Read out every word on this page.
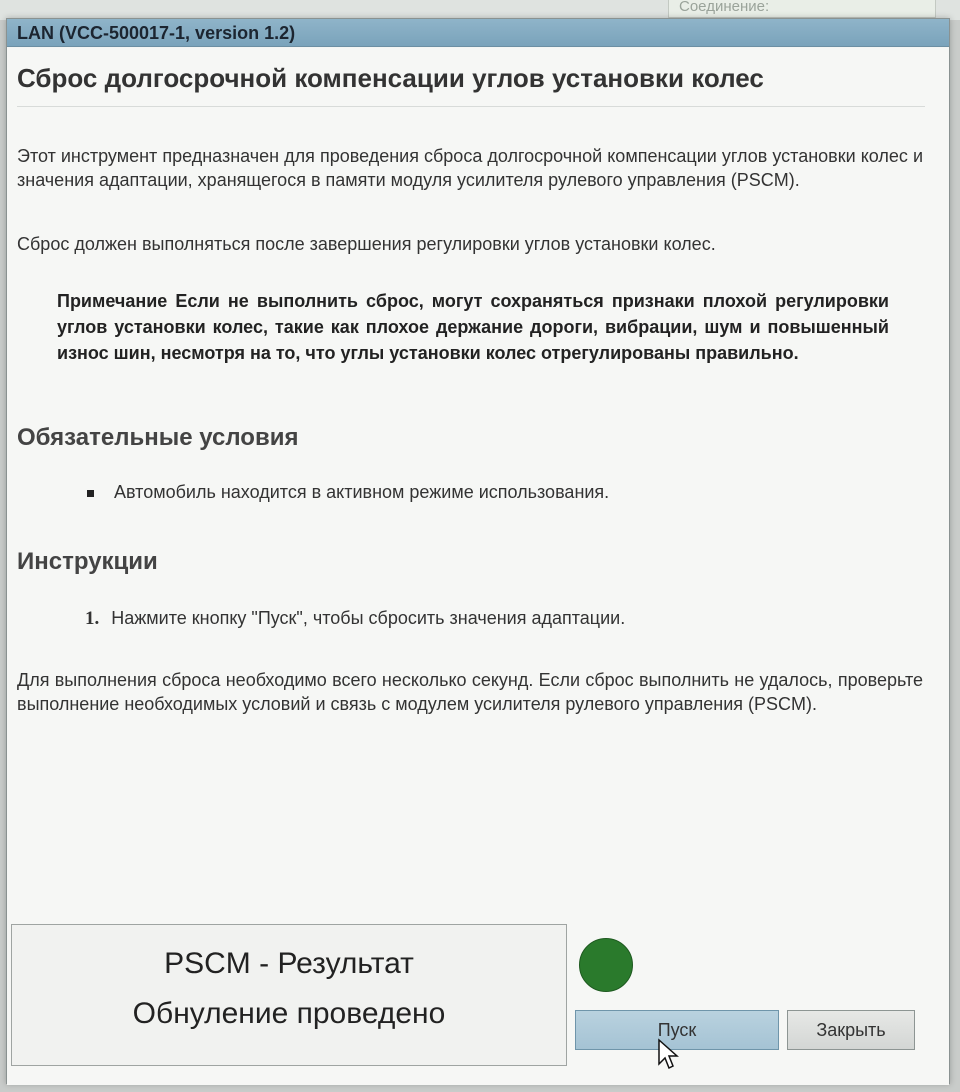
Соединение:
LAN (VCC-500017-1, version 1.2)
Сброс долгосрочной компенсации углов установки колес
Этот инструмент предназначен для проведения сброса долгосрочной компенсации углов установки колес и значения адаптации, хранящегося в памяти модуля усилителя рулевого управления (PSCM).
Сброс должен выполняться после завершения регулировки углов установки колес.
Примечание Если не выполнить сброс, могут сохраняться признаки плохой регулировки углов установки колес, такие как плохое держание дороги, вибрации, шум и повышенный износ шин, несмотря на то, что углы установки колес отрегулированы правильно.
Обязательные условия
Автомобиль находится в активном режиме использования.
Инструкции
1. Нажмите кнопку "Пуск", чтобы сбросить значения адаптации.
Для выполнения сброса необходимо всего несколько секунд. Если сброс выполнить не удалось, проверьте выполнение необходимых условий и связь с модулем усилителя рулевого управления (PSCM).
PSCM - Результат
Обнуление проведено	Пуск	Закрыть
